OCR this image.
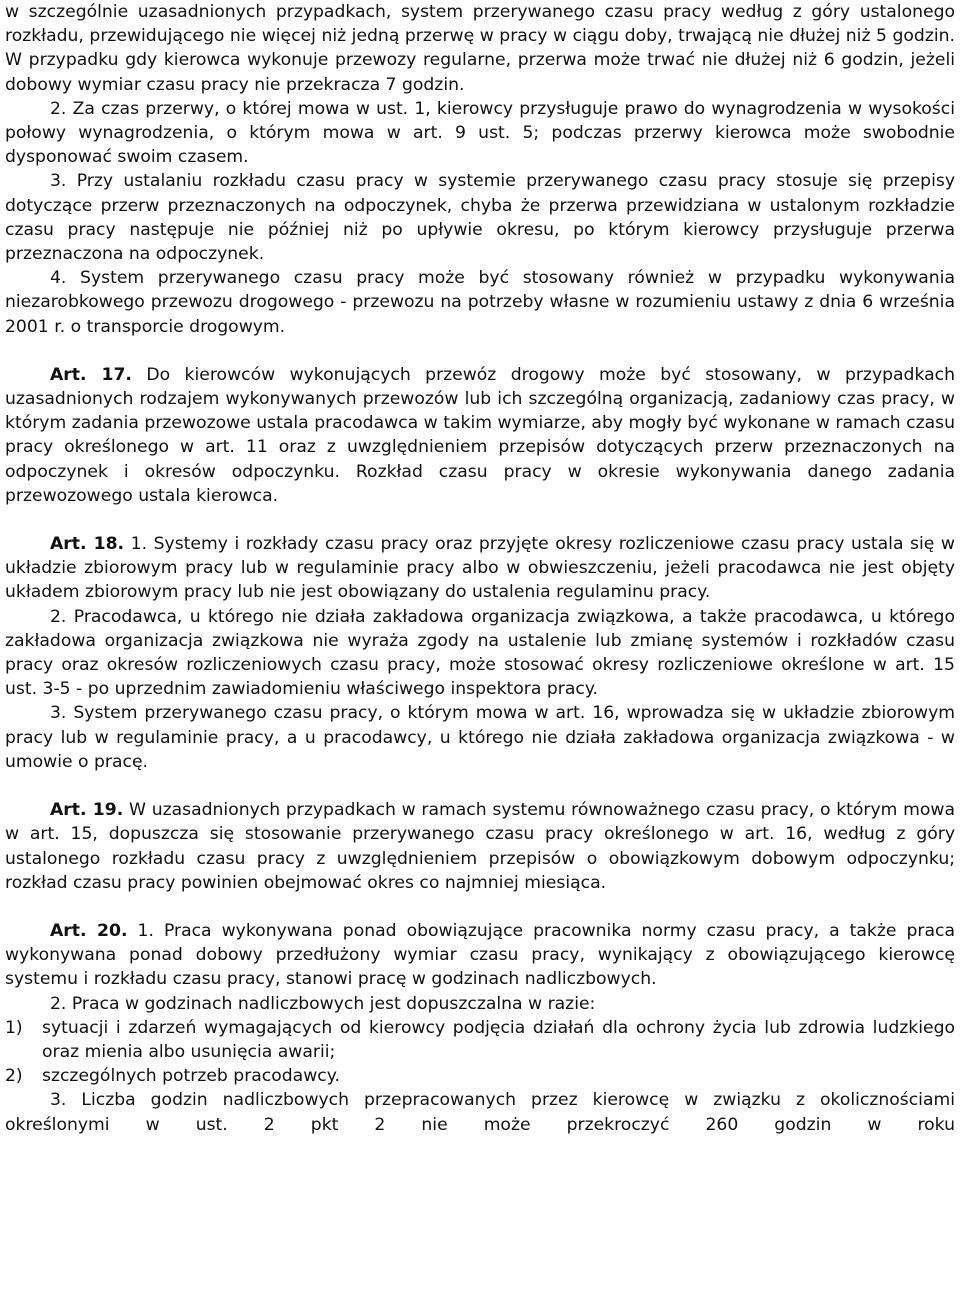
w szczególnie uzasadnionych przypadkach, system przerywanego czasu pracy według z góry ustalonego rozkładu, przewidującego nie więcej niż jedną przerwę w pracy w ciągu doby, trwającą nie dłużej niż 5 godzin. W przypadku gdy kierowca wykonuje przewozy regularne, przerwa może trwać nie dłużej niż 6 godzin, jeżeli dobowy wymiar czasu pracy nie przekracza 7 godzin.

2. Za czas przerwy, o której mowa w ust. 1, kierowcy przysługuje prawo do wynagrodzenia w wysokości połowy wynagrodzenia, o którym mowa w art. 9 ust. 5; podczas przerwy kierowca może swobodnie dysponować swoim czasem.

3. Przy ustalaniu rozkładu czasu pracy w systemie przerywanego czasu pracy stosuje się przepisy dotyczące przerw przeznaczonych na odpoczynek, chyba że przerwa przewidziana w ustalonym rozkładzie czasu pracy następuje nie później niż po upływie okresu, po którym kierowcy przysługuje przerwa przeznaczona na odpoczynek.

4. System przerywanego czasu pracy może być stosowany również w przypadku wykonywania niezarobkowego przewozu drogowego - przewozu na potrzeby własne w rozumieniu ustawy z dnia 6 września 2001 r. o transporcie drogowym.

Art. 17. Do kierowców wykonujących przewóz drogowy może być stosowany, w przypadkach uzasadnionych rodzajem wykonywanych przewozów lub ich szczególną organizacją, zadaniowy czas pracy, w którym zadania przewozowe ustala pracodawca w takim wymiarze, aby mogły być wykonane w ramach czasu pracy określonego w art. 11 oraz z uwzględnieniem przepisów dotyczących przerw przeznaczonych na odpoczynek i okresów odpoczynku. Rozkład czasu pracy w okresie wykonywania danego zadania przewozowego ustala kierowca.

Art. 18. 1. Systemy i rozkłady czasu pracy oraz przyjęte okresy rozliczeniowe czasu pracy ustala się w układzie zbiorowym pracy lub w regulaminie pracy albo w obwieszczeniu, jeżeli pracodawca nie jest objęty układem zbiorowym pracy lub nie jest obowiązany do ustalenia regulaminu pracy.

2. Pracodawca, u którego nie działa zakładowa organizacja związkowa, a także pracodawca, u którego zakładowa organizacja związkowa nie wyraża zgody na ustalenie lub zmianę systemów i rozkładów czasu pracy oraz okresów rozliczeniowych czasu pracy, może stosować okresy rozliczeniowe określone w art. 15 ust. 3-5 - po uprzednim zawiadomieniu właściwego inspektora pracy.

3. System przerywanego czasu pracy, o którym mowa w art. 16, wprowadza się w układzie zbiorowym pracy lub w regulaminie pracy, a u pracodawcy, u którego nie działa zakładowa organizacja związkowa - w umowie o pracę.

Art. 19. W uzasadnionych przypadkach w ramach systemu równoważnego czasu pracy, o którym mowa w art. 15, dopuszcza się stosowanie przerywanego czasu pracy określonego w art. 16, według z góry ustalonego rozkładu czasu pracy z uwzględnieniem przepisów o obowiązkowym dobowym odpoczynku; rozkład czasu pracy powinien obejmować okres co najmniej miesiąca.

Art. 20. 1. Praca wykonywana ponad obowiązujące pracownika normy czasu pracy, a także praca wykonywana ponad dobowy przedłużony wymiar czasu pracy, wynikający z obowiązującego kierowcę systemu i rozkładu czasu pracy, stanowi pracę w godzinach nadliczbowych.

2. Praca w godzinach nadliczbowych jest dopuszczalna w razie:

1)	sytuacji i zdarzeń wymagających od kierowcy podjęcia działań dla ochrony życia lub zdrowia ludzkiego oraz mienia albo usunięcia awarii;
2)	szczególnych potrzeb pracodawcy.

3. Liczba godzin nadliczbowych przepracowanych przez kierowcę w związku z okolicznościami określonymi w ust. 2 pkt 2 nie może przekroczyć 260 godzin w roku
